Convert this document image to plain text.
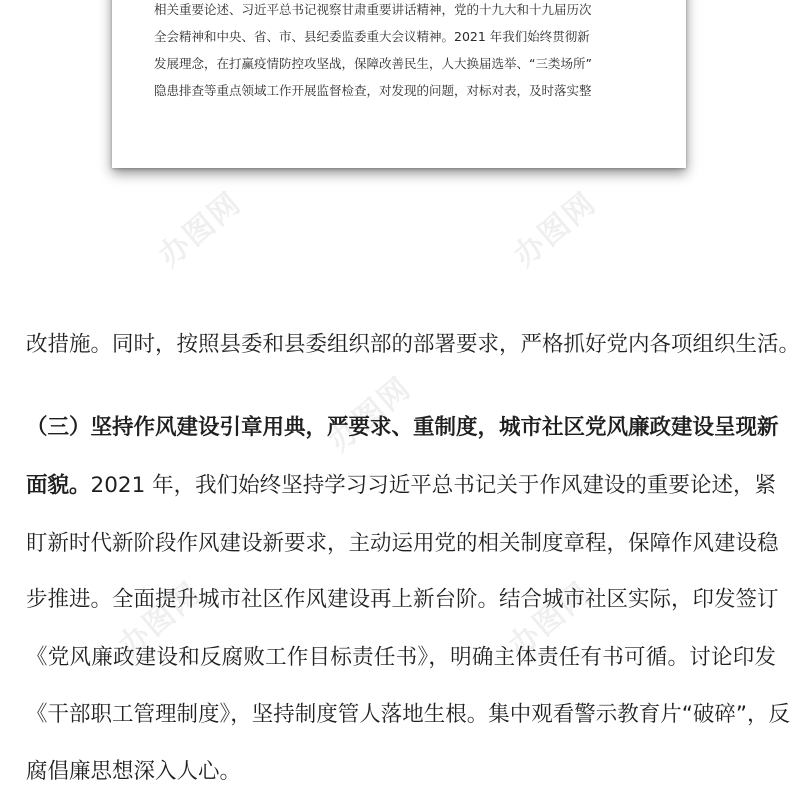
相关重要论述、习近平总书记视察甘肃重要讲话精神，党的十九大和十九届历次
全会精神和中央、省、市、县纪委监委重大会议精神。2021 年我们始终贯彻新
发展理念，在打赢疫情防控攻坚战，保障改善民生，人大换届选举、“三类场所”
隐患排查等重点领域工作开展监督检查，对发现的问题，对标对表，及时落实整
办图网	办图网
办图网
办图网	办图网
改措施。同时，按照县委和县委组织部的部署要求，严格抓好党内各项组织生活。
（三）坚持作风建设引章用典，严要求、重制度，城市社区党风廉政建设呈现新
面貌。2021 年，我们始终坚持学习习近平总书记关于作风建设的重要论述，紧
盯新时代新阶段作风建设新要求，主动运用党的相关制度章程，保障作风建设稳
步推进。全面提升城市社区作风建设再上新台阶。结合城市社区实际，印发签订
《党风廉政建设和反腐败工作目标责任书》，明确主体责任有书可循。讨论印发
《干部职工管理制度》，坚持制度管人落地生根。集中观看警示教育片“破碎”，反
腐倡廉思想深入人心。
